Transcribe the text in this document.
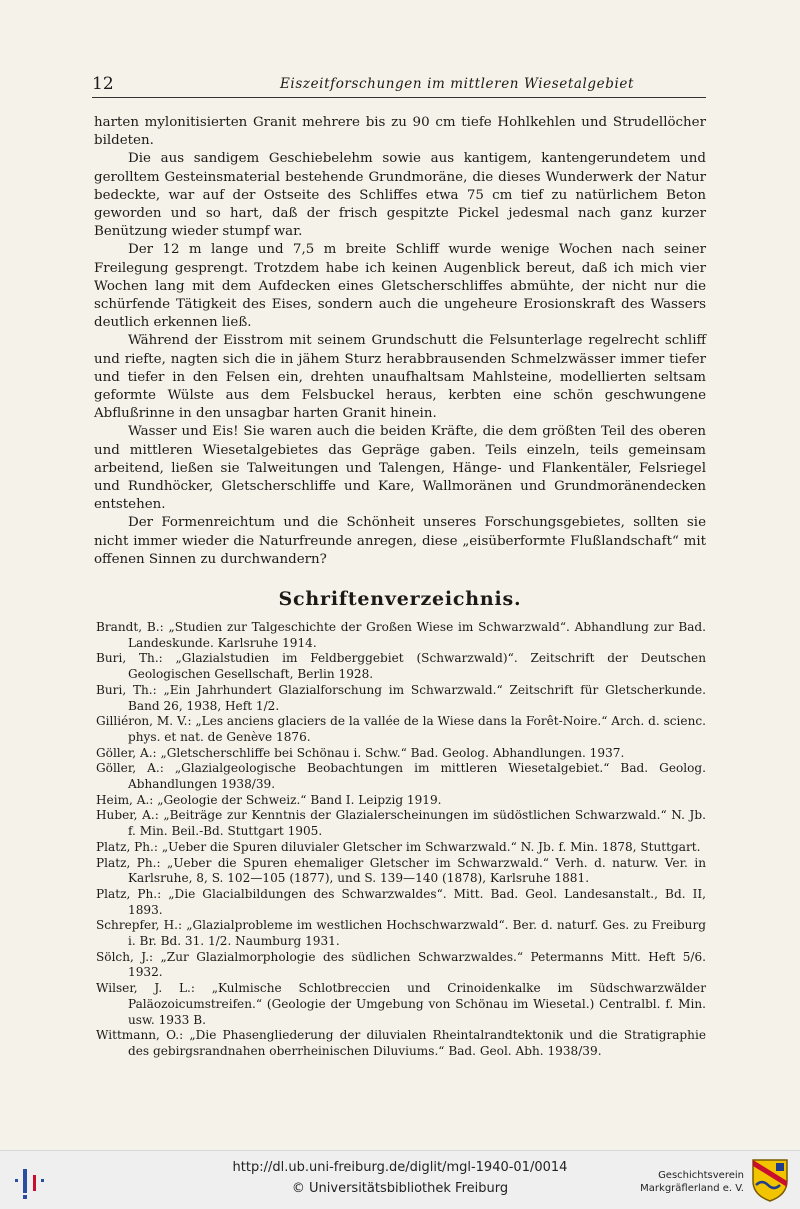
12	Eiszeitforschungen im mittleren Wiesetalgebiet

harten mylonitisierten Granit mehrere bis zu 90 cm tiefe Hohlkehlen und Strudellöcher bildeten.

Die aus sandigem Geschiebelehm sowie aus kantigem, kantengerundetem und gerolltem Gesteinsmaterial bestehende Grundmoräne, die dieses Wunderwerk der Natur bedeckte, war auf der Ostseite des Schliffes etwa 75 cm tief zu natürlichem Beton geworden und so hart, daß der frisch gespitzte Pickel jedesmal nach ganz kurzer Benützung wieder stumpf war.

Der 12 m lange und 7,5 m breite Schliff wurde wenige Wochen nach seiner Freilegung gesprengt. Trotzdem habe ich keinen Augenblick bereut, daß ich mich vier Wochen lang mit dem Aufdecken eines Gletscherschliffes abmühte, der nicht nur die schürfende Tätigkeit des Eises, sondern auch die ungeheure Erosionskraft des Wassers deutlich erkennen ließ.

Während der Eisstrom mit seinem Grundschutt die Felsunterlage regelrecht schliff und riefte, nagten sich die in jähem Sturz herabbrausenden Schmelzwässer immer tiefer und tiefer in den Felsen ein, drehten unaufhaltsam Mahlsteine, modellierten seltsam geformte Wülste aus dem Felsbuckel heraus, kerbten eine schön geschwungene Abflußrinne in den unsagbar harten Granit hinein.

Wasser und Eis! Sie waren auch die beiden Kräfte, die dem größten Teil des oberen und mittleren Wiesetalgebietes das Gepräge gaben. Teils einzeln, teils gemeinsam arbeitend, ließen sie Talweitungen und Talengen, Hänge- und Flankentäler, Felsriegel und Rundhöcker, Gletscherschliffe und Kare, Wallmoränen und Grundmoränendecken entstehen.

Der Formenreichtum und die Schönheit unseres Forschungsgebietes, sollten sie nicht immer wieder die Naturfreunde anregen, diese „eisüberformte Flußlandschaft“ mit offenen Sinnen zu durchwandern?

Schriftenverzeichnis.
Brandt, B.: „Studien zur Talgeschichte der Großen Wiese im Schwarzwald“. Abhandlung zur Bad. Landeskunde. Karlsruhe 1914.
Buri, Th.: „Glazialstudien im Feldberggebiet (Schwarzwald)“. Zeitschrift der Deutschen Geologischen Gesellschaft, Berlin 1928.
Buri, Th.: „Ein Jahrhundert Glazialforschung im Schwarzwald.“ Zeitschrift für Gletscherkunde. Band 26, 1938, Heft 1/2.
Gilliéron, M. V.: „Les anciens glaciers de la vallée de la Wiese dans la Forêt-Noire.“ Arch. d. scienc. phys. et nat. de Genève 1876.
Göller, A.: „Gletscherschliffe bei Schönau i. Schw.“ Bad. Geolog. Abhandlungen. 1937.
Göller, A.: „Glazialgeologische Beobachtungen im mittleren Wiesetalgebiet.“ Bad. Geolog. Abhandlungen 1938/39.
Heim, A.: „Geologie der Schweiz.“ Band I. Leipzig 1919.
Huber, A.: „Beiträge zur Kenntnis der Glazialerscheinungen im südöstlichen Schwarzwald.“ N. Jb. f. Min. Beil.-Bd. Stuttgart 1905.
Platz, Ph.: „Ueber die Spuren diluvialer Gletscher im Schwarzwald.“ N. Jb. f. Min. 1878, Stuttgart.
Platz, Ph.: „Ueber die Spuren ehemaliger Gletscher im Schwarzwald.“ Verh. d. naturw. Ver. in Karlsruhe, 8, S. 102—105 (1877), und S. 139—140 (1878), Karlsruhe 1881.
Platz, Ph.: „Die Glacialbildungen des Schwarzwaldes“. Mitt. Bad. Geol. Landesanstalt., Bd. II, 1893.
Schrepfer, H.: „Glazialprobleme im westlichen Hochschwarzwald“. Ber. d. naturf. Ges. zu Freiburg i. Br. Bd. 31. 1/2. Naumburg 1931.
Sölch, J.: „Zur Glazialmorphologie des südlichen Schwarzwaldes.“ Petermanns Mitt. Heft 5/6. 1932.
Wilser, J. L.: „Kulmische Schlotbreccien und Crinoidenkalke im Südschwarzwälder Paläozoicumstreifen.“ (Geologie der Umgebung von Schönau im Wiesetal.) Centralbl. f. Min. usw. 1933 B.
Wittmann, O.: „Die Phasengliederung der diluvialen Rheintalrandtektonik und die Stratigraphie des gebirgsrandnahen oberrheinischen Diluviums.“ Bad. Geol. Abh. 1938/39.
http://dl.ub.uni-freiburg.de/diglit/mgl-1940-01/0014
© Universitätsbibliothek Freiburg
Geschichtsverein
Markgräflerland e. V.
